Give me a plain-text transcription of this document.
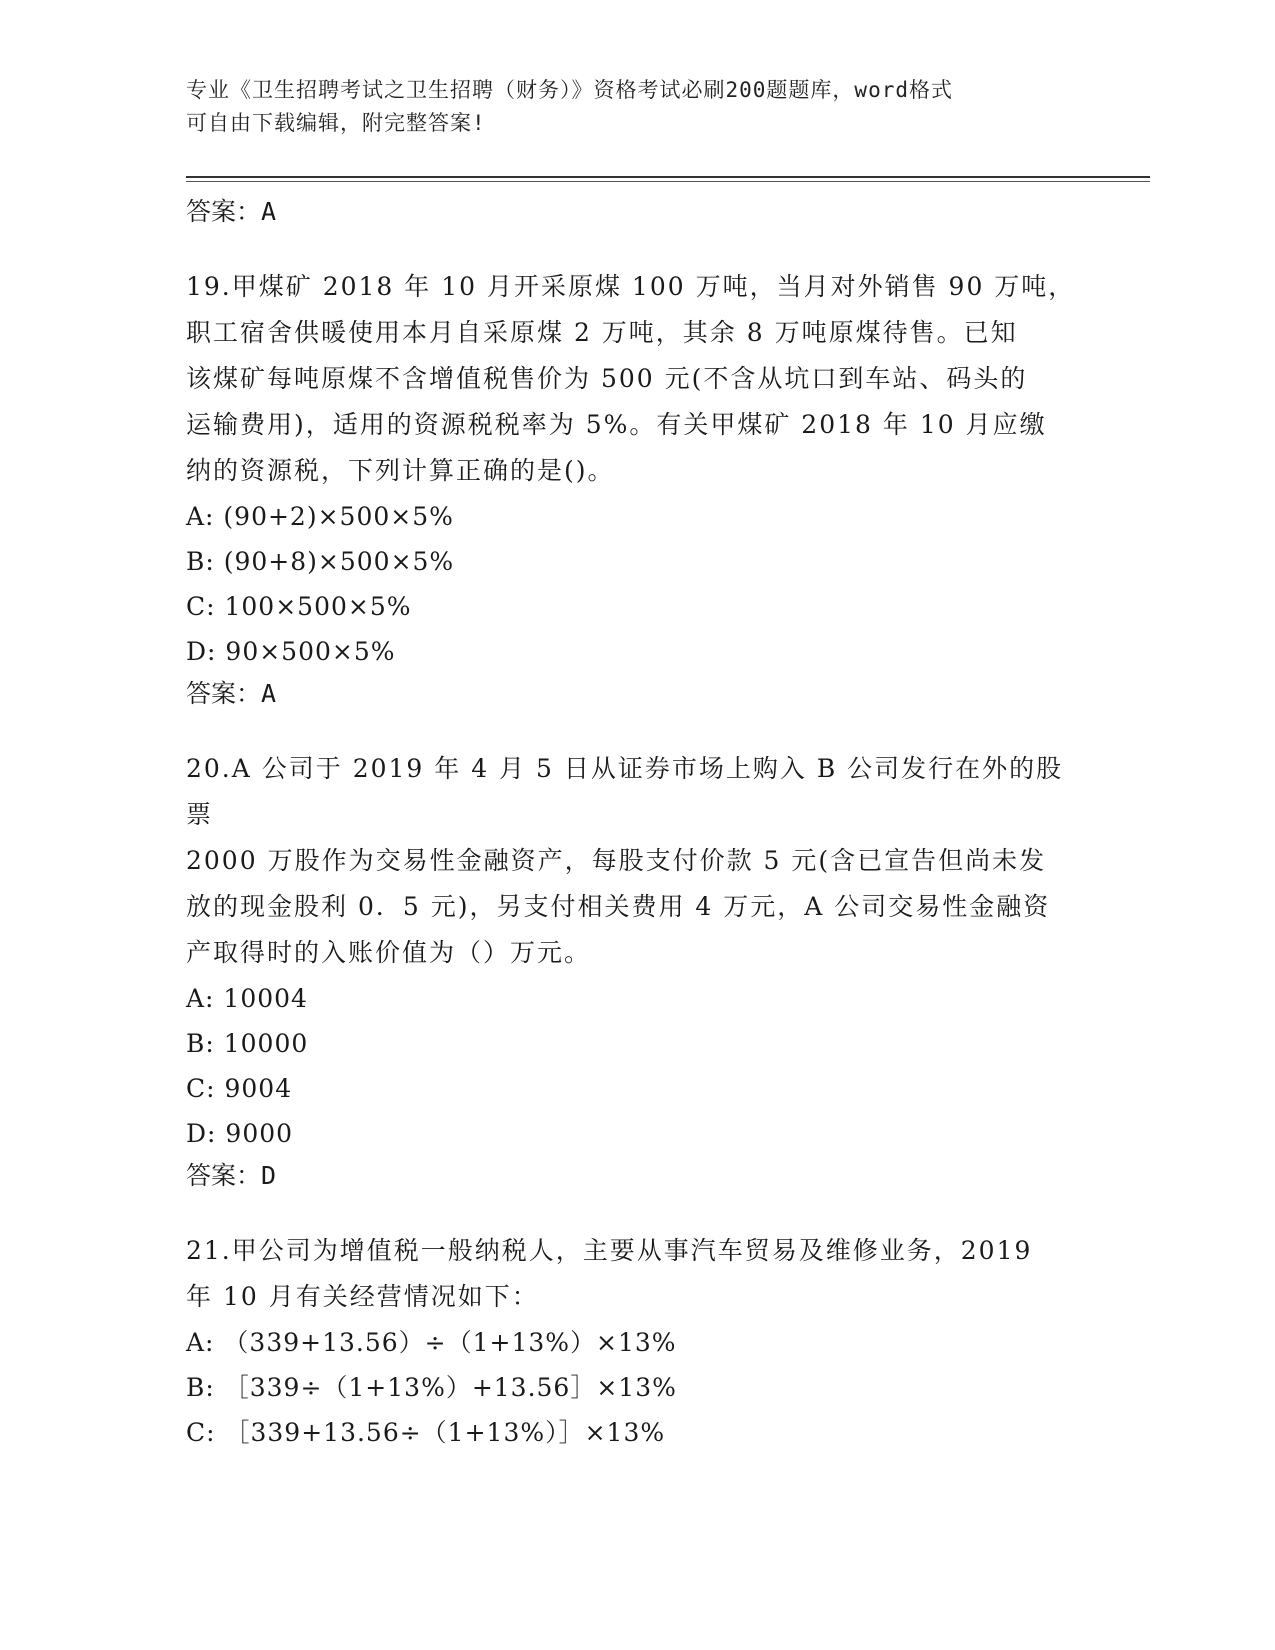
专业《卫生招聘考试之卫生招聘（财务）》资格考试必刷200题题库，word格式
可自由下载编辑，附完整答案!

答案：A

19.甲煤矿 2018 年 10 月开采原煤 100 万吨，当月对外销售 90 万吨，

职工宿舍供暖使用本月自采原煤 2 万吨，其余 8 万吨原煤待售。已知

该煤矿每吨原煤不含增值税售价为 500 元(不含从坑口到车站、码头的

运输费用)，适用的资源税税率为 5%。有关甲煤矿 2018 年 10 月应缴

纳的资源税，下列计算正确的是()。

A: (90+2)×500×5%

B: (90+8)×500×5%

C: 100×500×5%

D: 90×500×5%

答案：A

20.A 公司于 2019 年 4 月 5 日从证券市场上购入 B 公司发行在外的股票

2000 万股作为交易性金融资产，每股支付价款 5 元(含已宣告但尚未发

放的现金股利 0．5 元)，另支付相关费用 4 万元，A 公司交易性金融资

产取得时的入账价值为（）万元。

A: 10004

B: 10000

C: 9004

D: 9000

答案：D

21.甲公司为增值税一般纳税人，主要从事汽车贸易及维修业务，2019

年 10 月有关经营情况如下：

A: （339+13.56）÷（1+13%）×13%

B: ［339÷（1+13%）+13.56］×13%

C: ［339+13.56÷（1+13%）］×13%
